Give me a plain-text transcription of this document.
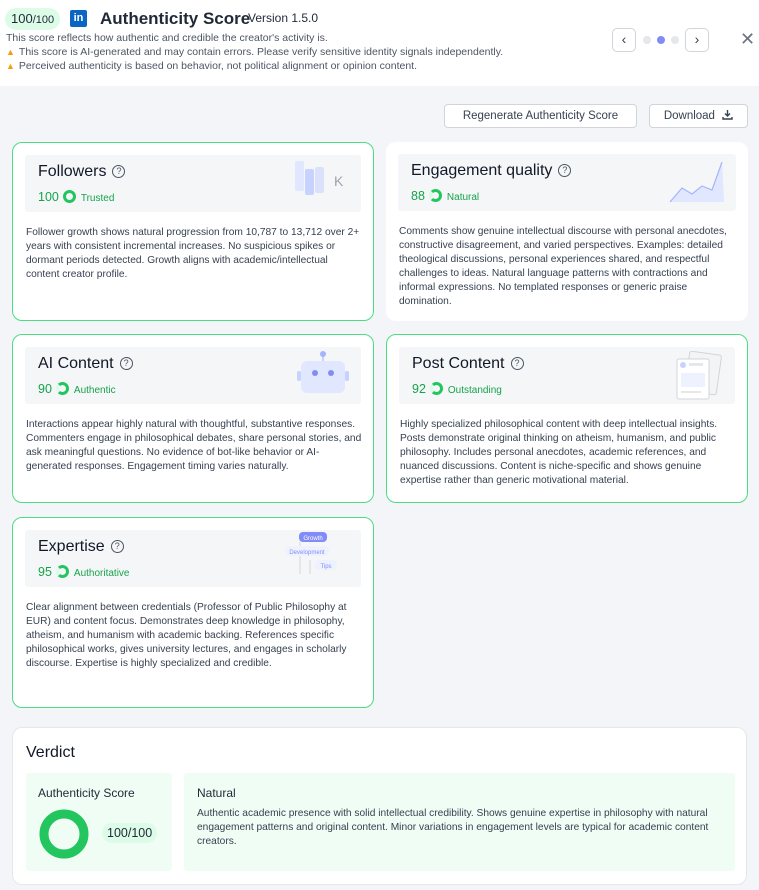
100/100	in Authenticity Score
Version 1.5.0
This score reflects how authentic and credible the creator's activity is.
▲ This score is AI-generated and may contain errors. Please verify sensitive identity signals independently.
▲ Perceived authenticity is based on behavior, not political alignment or opinion content.
‹	›	✕
Regenerate Authenticity Score	Download
Followers ?
100 Trusted
K
Follower growth shows natural progression from 10,787 to 13,712 over 2+ years with consistent incremental increases. No suspicious spikes or dormant periods detected. Growth aligns with academic/intellectual content creator profile.
Engagement quality ?
88 Natural
Comments show genuine intellectual discourse with personal anecdotes, constructive disagreement, and varied perspectives. Examples: detailed theological discussions, personal experiences shared, and respectful challenges to ideas. Natural language patterns with contractions and informal expressions. No templated responses or generic praise domination.
AI Content ?
90 Authentic
Interactions appear highly natural with thoughtful, substantive responses. Commenters engage in philosophical debates, share personal stories, and ask meaningful questions. No evidence of bot-like behavior or AI-generated responses. Engagement timing varies naturally.
Post Content ?
92 Outstanding
Highly specialized philosophical content with deep intellectual insights. Posts demonstrate original thinking on atheism, humanism, and public philosophy. Includes personal anecdotes, academic references, and nuanced discussions. Content is niche-specific and shows genuine expertise rather than generic motivational material.
Expertise ?
95 Authoritative
Growth
Development
Tips
Clear alignment between credentials (Professor of Public Philosophy at EUR) and content focus. Demonstrates deep knowledge in philosophy, atheism, and humanism with academic backing. References specific philosophical works, gives university lectures, and engages in scholarly discourse. Expertise is highly specialized and credible.
Verdict
Authenticity Score
100/100
Natural
Authentic academic presence with solid intellectual credibility. Shows genuine expertise in philosophy with natural engagement patterns and original content. Minor variations in engagement levels are typical for academic content creators.
